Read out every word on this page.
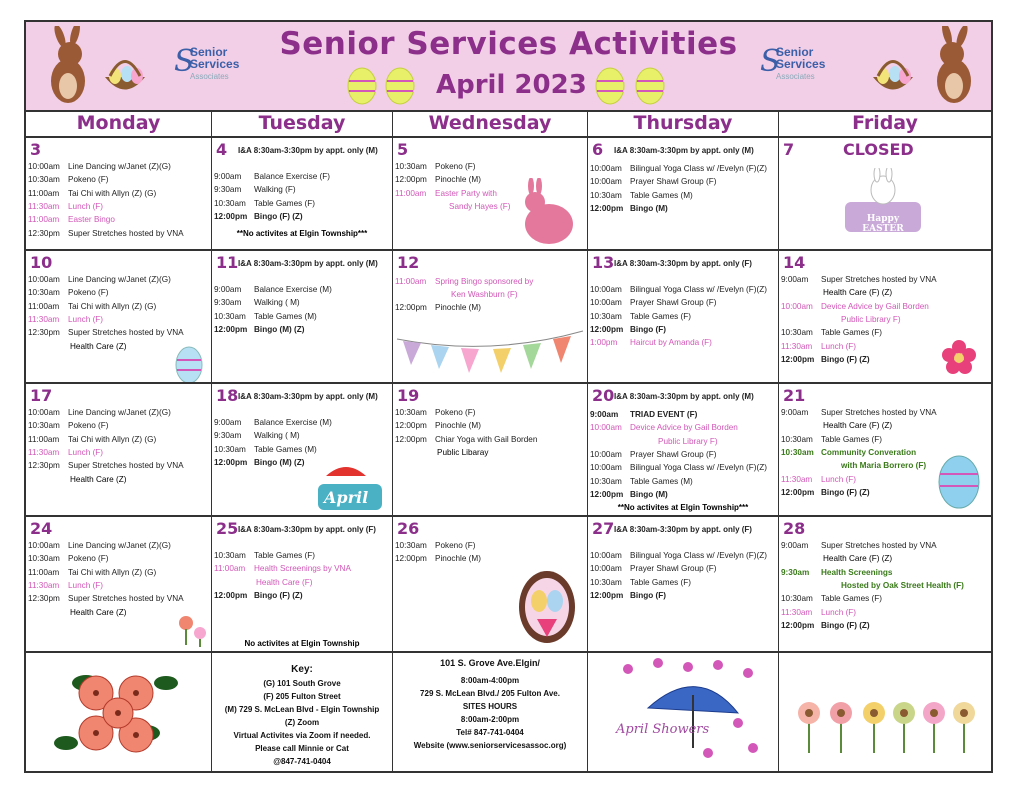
S
Senior
Services
Associates
Senior Services Activities
April 2023
S
Senior
Services
Associates
3
10:00am Line Dancing w/Janet (Z)(G)
10:30am Pokeno (F)
11:00am Tai Chi with Allyn (Z) (G)
11:30am Lunch (F)
11:00am Easter Bingo
12:30pm Super Stretches hosted by VNA
4 I&A 8:30am-3:30pm by appt. only (M)
9:00am Balance Exercise (F)
9:30am Walking (F)
10:30am Table Games (F)
12:00pm Bingo (F) (Z)
**No activites at Elgin Township***
5
10:30am Pokeno (F)
12:00pm Pinochle (M)
11:00am Easter Party with
Sandy Hayes (F)
6 I&A 8:30am-3:30pm by appt. only (M)
10:00am Bilingual Yoga Class w/ /Evelyn (F)(Z)
10:00am Prayer Shawl Group (F)
10:30am Table Games (M)
12:00pm Bingo (M)
7	CLOSED
Happy EASTER
10
10:00am Line Dancing w/Janet (Z)(G)
10:30am Pokeno (F)
11:00am Tai Chi with Allyn (Z) (G)
11:30am Lunch (F)
12:30pm Super Stretches hosted by VNA
Health Care (Z)
11 I&A 8:30am-3:30pm by appt. only (M)
9:00am Balance Exercise (M)
9:30am Walking ( M)
10:30am Table Games (M)
12:00pm Bingo (M) (Z)
12
11:00am Spring Bingo sponsored by
Ken Washburn (F)
12:00pm Pinochle (M)
13 I&A 8:30am-3:30pm by appt. only (F)
10:00am Bilingual Yoga Class w/ /Evelyn (F)(Z)
10:00am Prayer Shawl Group (F)
10:30am Table Games (F)
12:00pm Bingo (F)
1:00pm Haircut by Amanda (F)
14
9:00am Super Stretches hosted by VNA
Health Care (F) (Z)
10:00am Device Advice by Gail Borden
Public Library F)
10:30am Table Games (F)
11:30am Lunch (F)
12:00pm Bingo (F) (Z)
17
10:00am Line Dancing w/Janet (Z)(G)
10:30am Pokeno (F)
11:00am Tai Chi with Allyn (Z) (G)
11:30am Lunch (F)
12:30pm Super Stretches hosted by VNA
Health Care (Z)
18 I&A 8:30am-3:30pm by appt. only (M)
9:00am Balance Exercise (M)
9:30am Walking ( M)
10:30am Table Games (M)
12:00pm Bingo (M) (Z)
April
19
10:30am Pokeno (F)
12:00pm Pinochle (M)
12:00pm Chiar Yoga with Gail Borden
Public Libaray
20 I&A 8:30am-3:30pm by appt. only (M)
9:00am TRIAD EVENT (F)
10:00am Device Advice by Gail Borden
Public Library F)
10:00am Prayer Shawl Group (F)
10:00am Bilingual Yoga Class w/ /Evelyn (F)(Z)
10:30am Table Games (M)
12:00pm Bingo (M)
**No activites at Elgin Township***
21
9:00am Super Stretches hosted by VNA
Health Care (F) (Z)
10:30am Table Games (F)
10:30am Community Converation
with Maria Borrero (F)
11:30am Lunch (F)
12:00pm Bingo (F) (Z)
24
10:00am Line Dancing w/Janet (Z)(G)
10:30am Pokeno (F)
11:00am Tai Chi with Allyn (Z) (G)
11:30am Lunch (F)
12:30pm Super Stretches hosted by VNA
Health Care (Z)
25 I&A 8:30am-3:30pm by appt. only (F)
10:30am Table Games (F)
11:00am Health Screenings by VNA
Health Care (F)
12:00pm Bingo (F) (Z)
No activites at Elgin Township
26
10:30am Pokeno (F)
12:00pm Pinochle (M)
27 I&A 8:30am-3:30pm by appt. only (F)
10:00am Bilingual Yoga Class w/ /Evelyn (F)(Z)
10:00am Prayer Shawl Group (F)
10:30am Table Games (F)
12:00pm Bingo (F)
28
9:00am Super Stretches hosted by VNA
Health Care (F) (Z)
9:30am Health Screenings
Hosted by Oak Street Health (F)
10:30am Table Games (F)
11:30am Lunch (F)
12:00pm Bingo (F) (Z)
Key:
(G) 101 South Grove
(F) 205 Fulton Street
(M) 729 S. McLean Blvd - Elgin Township
(Z) Zoom
Virtual Activites via Zoom if needed.
Please call Minnie or Cat
@847-741-0404
101 S. Grove Ave.Elgin/
8:00am-4:00pm
729 S. McLean Blvd./ 205 Fulton Ave.
SITES HOURS
8:00am-2:00pm
Tel# 847-741-0404
Website (www.seniorservicesassoc.org)
April Showers
Monday	Tuesday	Wednesday	Thursday	Friday
